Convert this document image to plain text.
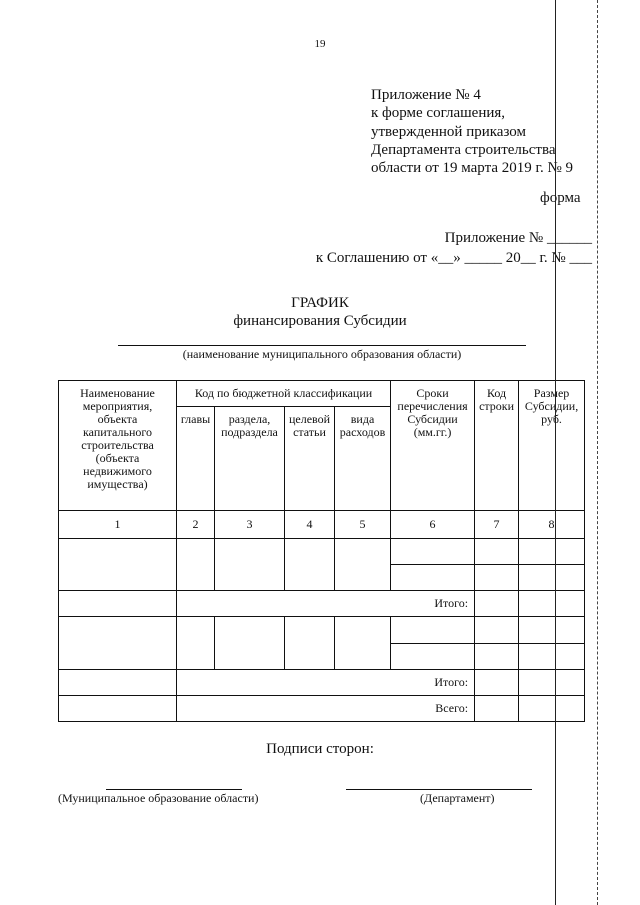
19
Приложение № 4
к форме соглашения,
утвержденной приказом
Департамента строительства
области от 19 марта 2019 г. № 9
форма
Приложение № ______
к Соглашению от «__» _____ 20__ г. № ___
ГРАФИК
финансирования Субсидии
(наименование муниципального образования области)
Наименование мероприятия, объекта капитального строительства (объекта недвижимого имущества)	Код по бюджетной классификации				Сроки перечисления Субсидии (мм.гг.)	Код строки	Размер Субсидии, руб.
	главы	раздела, подраздела	целевой статьи	вида расходов			
1	2	3	4	5	6	7	8

	Итого:						

	Итого:						
	Всего:						
Подписи сторон:
(Муниципальное образование области)	(Департамент)
